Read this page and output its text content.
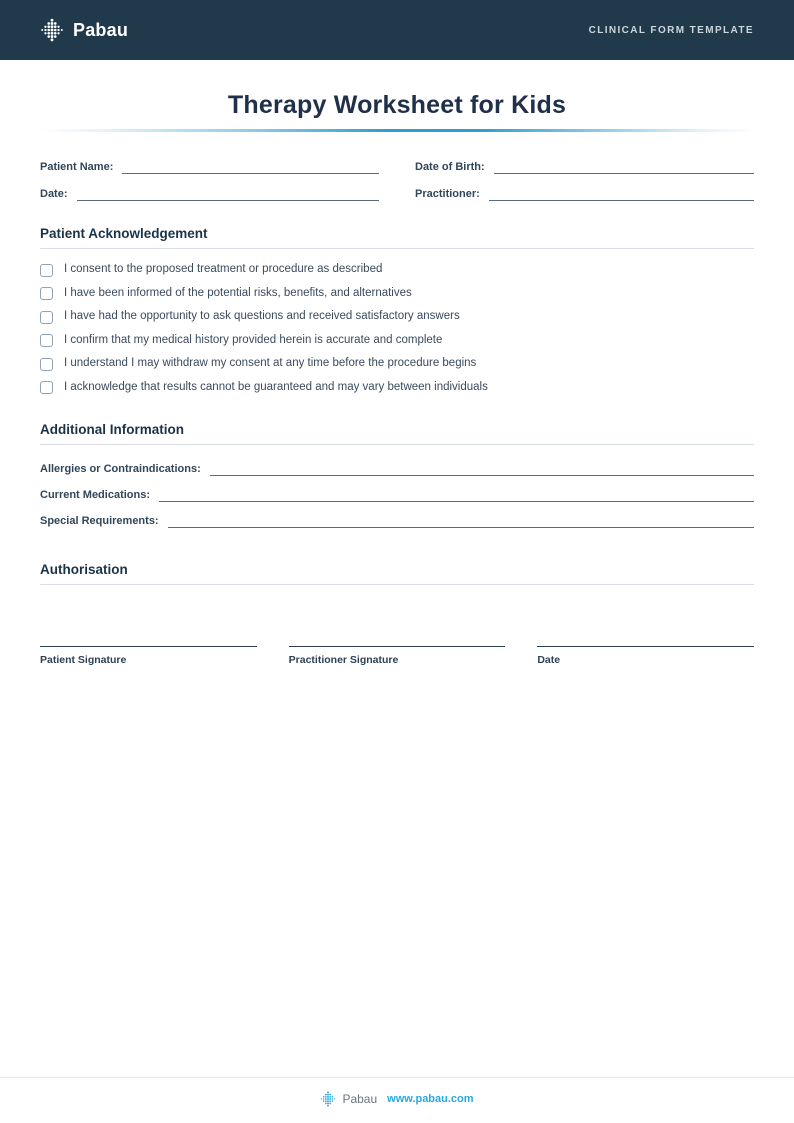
Pabau	CLINICAL FORM TEMPLATE
Therapy Worksheet for Kids
Patient Name:	Date of Birth:
Date:	Practitioner:
Patient Acknowledgement
I consent to the proposed treatment or procedure as described
I have been informed of the potential risks, benefits, and alternatives
I have had the opportunity to ask questions and received satisfactory answers
I confirm that my medical history provided herein is accurate and complete
I understand I may withdraw my consent at any time before the procedure begins
I acknowledge that results cannot be guaranteed and may vary between individuals
Additional Information
Allergies or Contraindications:
Current Medications:
Special Requirements:
Authorisation
Patient Signature	Practitioner Signature	Date
Pabau www.pabau.com
